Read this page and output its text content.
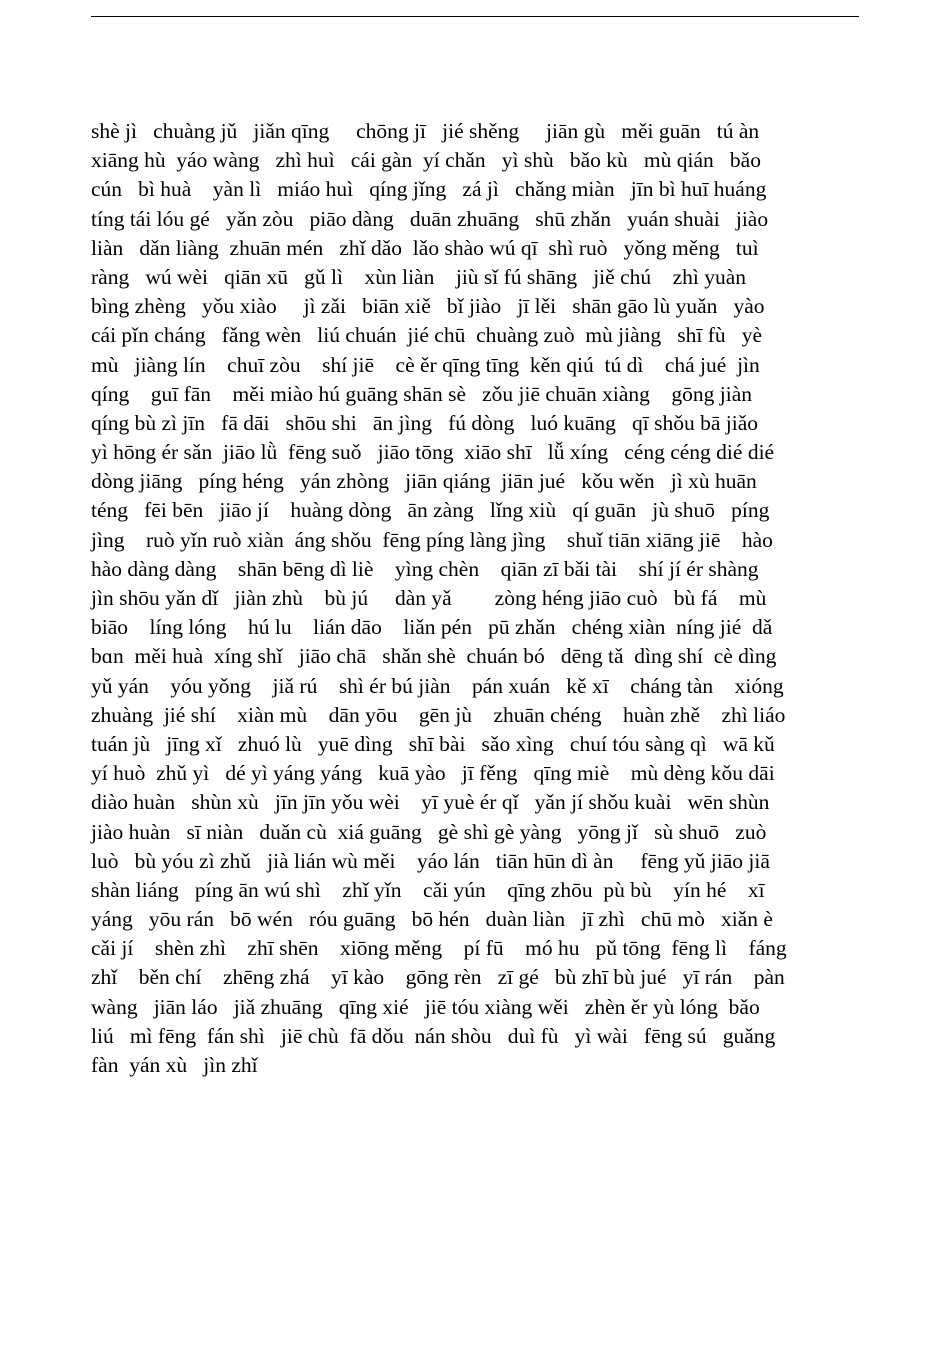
shè jì   chuàng jǔ   jiǎn qīng     chōng jī   jié shěng     jiān gù   měi guān   tú àn
xiāng hù  yáo wàng   zhì huì   cái gàn  yí chǎn   yì shù   bǎo kù   mù qián   bǎo
cún   bì huà    yàn lì   miáo huì   qíng jǐng   zá jì   chǎng miàn   jīn bì huī huáng
tíng tái lóu gé   yǎn zòu   piāo dàng   duān zhuāng   shū zhǎn   yuán shuài   jiào
liàn   dǎn liàng  zhuān mén   zhǐ dǎo  lǎo shào wú qī  shì ruò   yǒng měng   tuì
ràng   wú wèi   qiān xū   gǔ lì    xùn liàn    jiù sǐ fú shāng   jiě chú    zhì yuàn
bìng zhèng   yǒu xiào     jì zǎi   biān xiě   bǐ jiào   jī lěi   shān gāo lù yuǎn   yào
cái pǐn cháng   fǎng wèn   liú chuán  jié chū  chuàng zuò  mù jiàng   shī fù   yè
mù   jiàng lín    chuī zòu    shí jiē    cè ěr qīng tīng  kěn qiú  tú dì    chá jué  jìn
qíng    guī fān    měi miào hú guāng shān sè   zǒu jiē chuān xiàng    gōng jiàn
qíng bù zì jīn   fā dāi   shōu shi   ān jìng   fú dòng   luó kuāng   qī shǒu bā jiǎo
yì hōng ér sǎn  jiāo lǜ  fēng suǒ   jiāo tōng  xiāo shī   lǚ xíng   céng céng dié dié
dòng jiāng   píng héng   yán zhòng   jiān qiáng  jiān jué   kǒu wěn   jì xù huān
téng   fēi bēn   jiāo jí    huàng dòng   ān zàng   lǐng xiù   qí guān   jù shuō   píng
jìng    ruò yǐn ruò xiàn  áng shǒu  fēng píng làng jìng    shuǐ tiān xiāng jiē    hào
hào dàng dàng    shān bēng dì liè    yìng chèn    qiān zī bǎi tài    shí jí ér shàng
jìn shōu yǎn dǐ   jiàn zhù    bù jú     dàn yǎ        zòng héng jiāo cuò   bù fá    mù
biāo    líng lóng    hú lu    lián dāo    liǎn pén   pū zhǎn   chéng xiàn  níng jié  dǎ
bɑn  měi huà  xíng shǐ   jiāo chā   shǎn shè  chuán bó   dēng tǎ  dìng shí  cè dìng
yǔ yán    yóu yǒng    jiǎ rú    shì ér bú jiàn    pán xuán   kě xī    cháng tàn    xióng
zhuàng  jié shí    xiàn mù    dān yōu    gēn jù    zhuān chéng    huàn zhě    zhì liáo
tuán jù   jīng xǐ   zhuó lù   yuē dìng   shī bài   sǎo xìng   chuí tóu sàng qì   wā kǔ
yí huò  zhǔ yì   dé yì yáng yáng   kuā yào   jī fěng   qīng miè    mù dèng kǒu dāi
diào huàn   shùn xù   jīn jīn yǒu wèi    yī yuè ér qǐ   yǎn jí shǒu kuài   wēn shùn
jiào huàn   sī niàn   duǎn cù  xiá guāng   gè shì gè yàng   yōng jǐ   sù shuō   zuò
luò   bù yóu zì zhǔ   jià lián wù měi    yáo lán   tiān hūn dì àn     fēng yǔ jiāo jiā
shàn liáng   píng ān wú shì    zhǐ yǐn    cǎi yún    qīng zhōu  pù bù    yín hé    xī
yáng   yōu rán   bō wén   róu guāng   bō hén   duàn liàn   jī zhì   chū mò   xiǎn è
cǎi jí    shèn zhì    zhī shēn    xiōng měng    pí fū    mó hu   pǔ tōng  fēng lì    fáng
zhǐ    běn chí    zhēng zhá    yī kào    gōng rèn   zī gé   bù zhī bù jué   yī rán    pàn
wàng   jiān láo   jiǎ zhuāng   qīng xié   jiē tóu xiàng wěi   zhèn ěr yù lóng  bǎo
liú   mì fēng  fán shì   jiē chù  fā dǒu  nán shòu   duì fù   yì wài   fēng sú   guǎng
fàn  yán xù   jìn zhǐ
